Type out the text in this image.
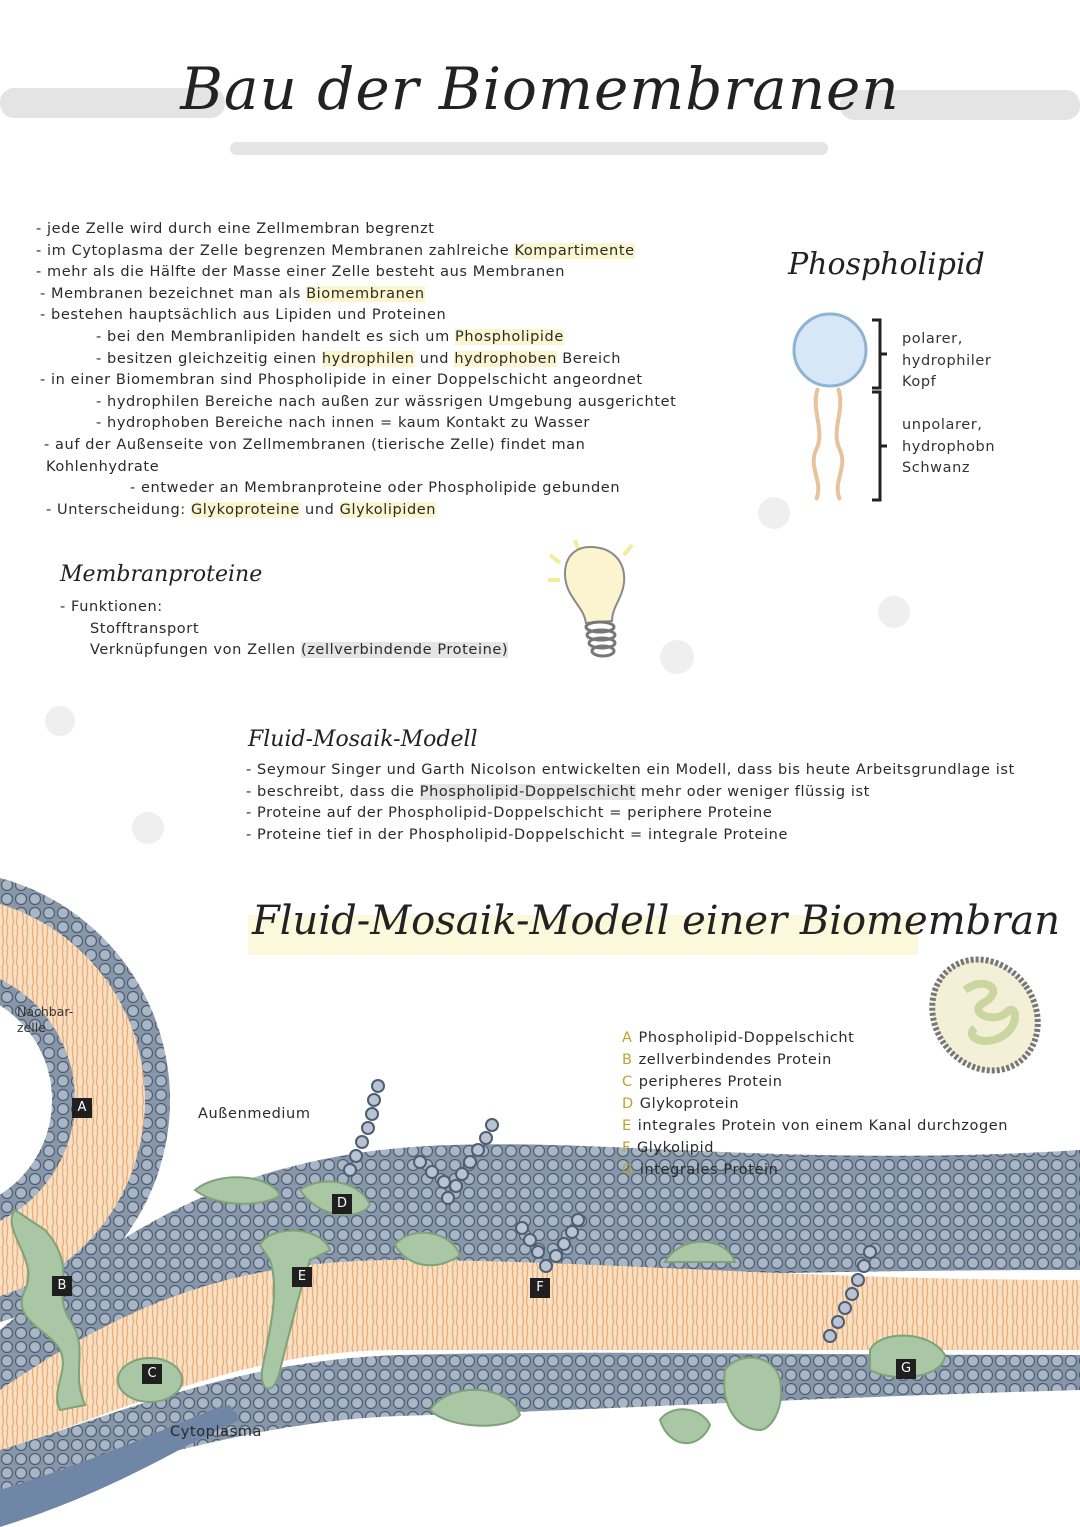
Bau der Biomembranen
- jede Zelle wird durch eine Zellmembran begrenzt
- im Cytoplasma der Zelle begrenzen Membranen zahlreiche Kompartimente
- mehr als die Hälfte der Masse einer Zelle besteht aus Membranen
- Membranen bezeichnet man als Biomembranen
- bestehen hauptsächlich aus Lipiden und Proteinen
- bei den Membranlipiden handelt es sich um Phospholipide
- besitzen gleichzeitig einen hydrophilen und hydrophoben Bereich
- in einer Biomembran sind Phospholipide in einer Doppelschicht angeordnet
- hydrophilen Bereiche nach außen zur wässrigen Umgebung ausgerichtet
- hydrophoben Bereiche nach innen = kaum Kontakt zu Wasser
- auf der Außenseite von Zellmembranen (tierische Zelle) findet man
Kohlenhydrate
- entweder an Membranproteine oder Phospholipide gebunden
- Unterscheidung: Glykoproteine und Glykolipiden
Phospholipid
polarer,
hydrophiler
Kopf
unpolarer,
hydrophobn
Schwanz
Membranproteine
- Funktionen:
Stofftransport
Verknüpfungen von Zellen (zellverbindende Proteine)
Fluid-Mosaik-Modell
- Seymour Singer und Garth Nicolson entwickelten ein Modell, dass bis heute Arbeitsgrundlage ist
- beschreibt, dass die Phospholipid-Doppelschicht mehr oder weniger flüssig ist
- Proteine auf der Phospholipid-Doppelschicht = periphere Proteine
- Proteine tief in der Phospholipid-Doppelschicht = integrale Proteine
Fluid-Mosaik-Modell einer Biomembran
Nachbar-
zelle
Außenmedium
Cytoplasma
A
B
C
D
E
F
G
A Phospholipid-Doppelschicht
B zellverbindendes Protein
C peripheres Protein
D Glykoprotein
E integrales Protein von einem Kanal durchzogen
F Glykolipid
G integrales Protein
